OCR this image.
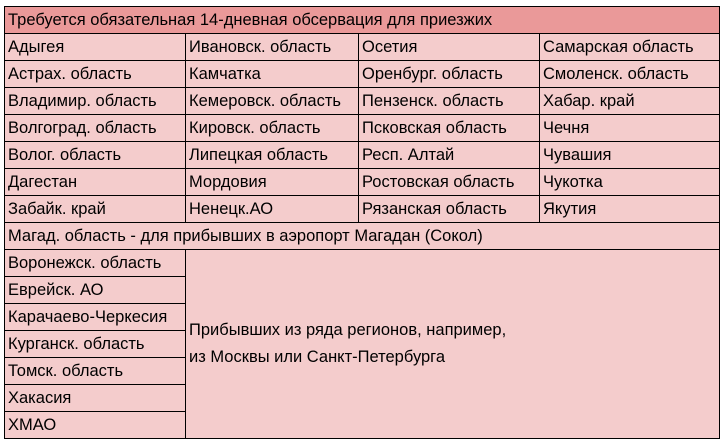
Требуется обязательная 14-дневная обсервация для приезжих
Адыгея	Ивановск. область	Осетия	Самарская область
Астрах. область	Камчатка	Оренбург. область	Смоленск. область
Владимир. область	Кемеровск. область	Пензенск. область	Хабар. край
Волгоград. область	Кировск. область	Псковская область	Чечня
Волог. область	Липецкая область	Респ. Алтай	Чувашия
Дагестан	Мордовия	Ростовская область	Чукотка
Забайк. край	Ненецк.АО	Рязанская область	Якутия
Магад. область - для прибывших в аэропорт Магадан (Сокол)

Воронежск. область
Еврейск. АО
Карачаево-Черкесия
Курганск. область
Томск. область
Хакасия
ХМАО

Прибывших из ряда регионов, например,
из Москвы или Санкт-Петербурга
